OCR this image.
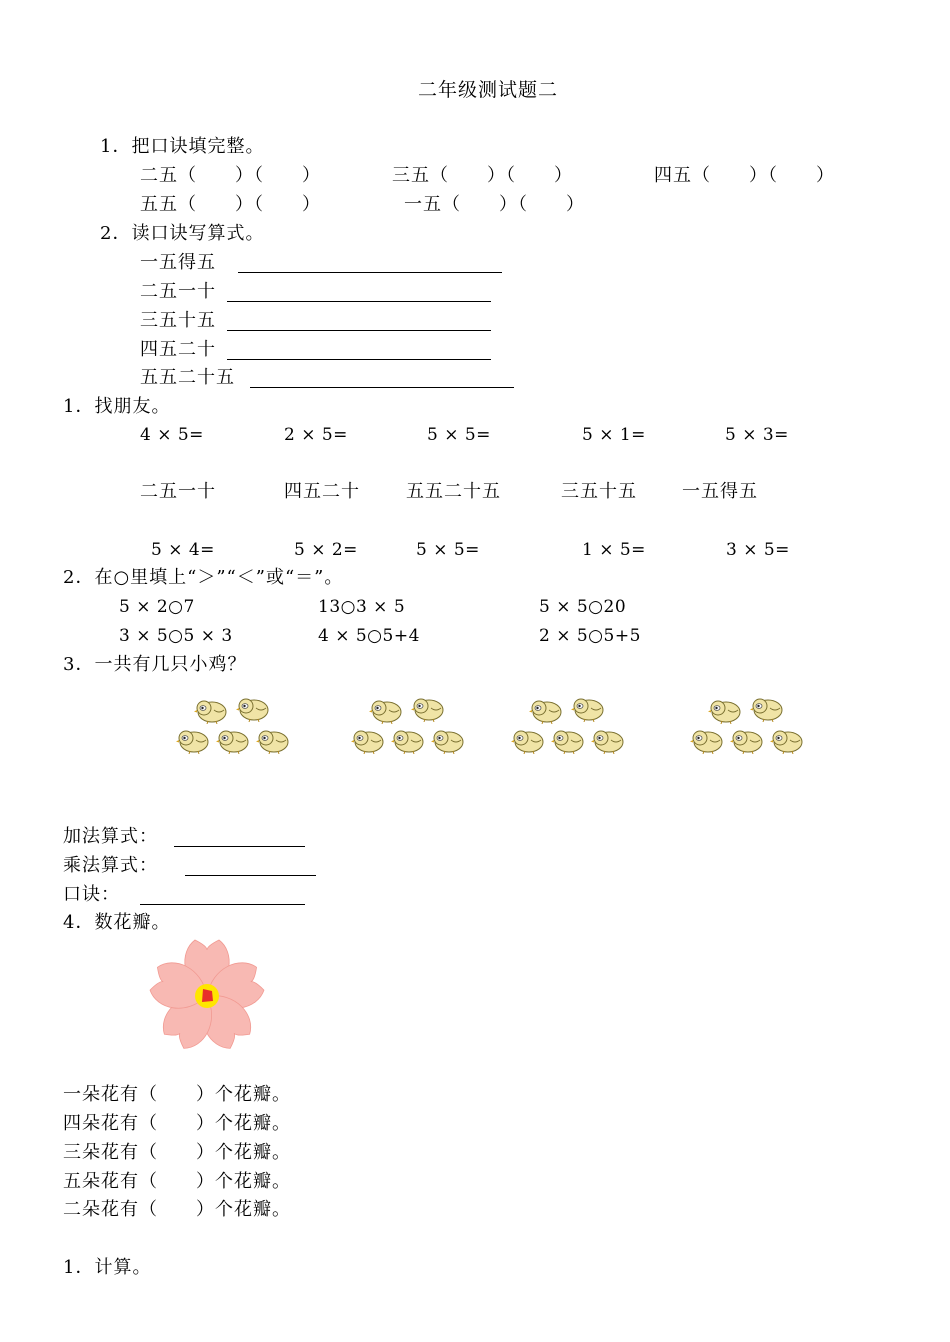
二年级测试题二
1．把口诀填完整。
二五（　　）（　　）	三五（　　）（　　）	四五（　　）（　　）
五五（　　）（　　）	一五（　　）（　　）
2．读口诀写算式。
一五得五
二五一十
三五十五
四五二十
五五二十五
1．找朋友。
4 × 5=	2 × 5=	5 × 5=	5 × 1=	5 × 3=
二五一十	四五二十	五五二十五	三五十五	一五得五
5 × 4=	5 × 2=	5 × 5=	1 × 5=	3 × 5=
2．在○里填上“＞”“＜”或“＝”。
5 × 2○7	13○3 × 5	5 × 5○20
3 × 5○5 × 3	4 × 5○5+4	2 × 5○5+5
3．一共有几只小鸡？
加法算式：
乘法算式：
口诀：
4．数花瓣。
一朵花有（　　）个花瓣。
四朵花有（　　）个花瓣。
三朵花有（　　）个花瓣。
五朵花有（　　）个花瓣。
二朵花有（　　）个花瓣。
1．计算。
